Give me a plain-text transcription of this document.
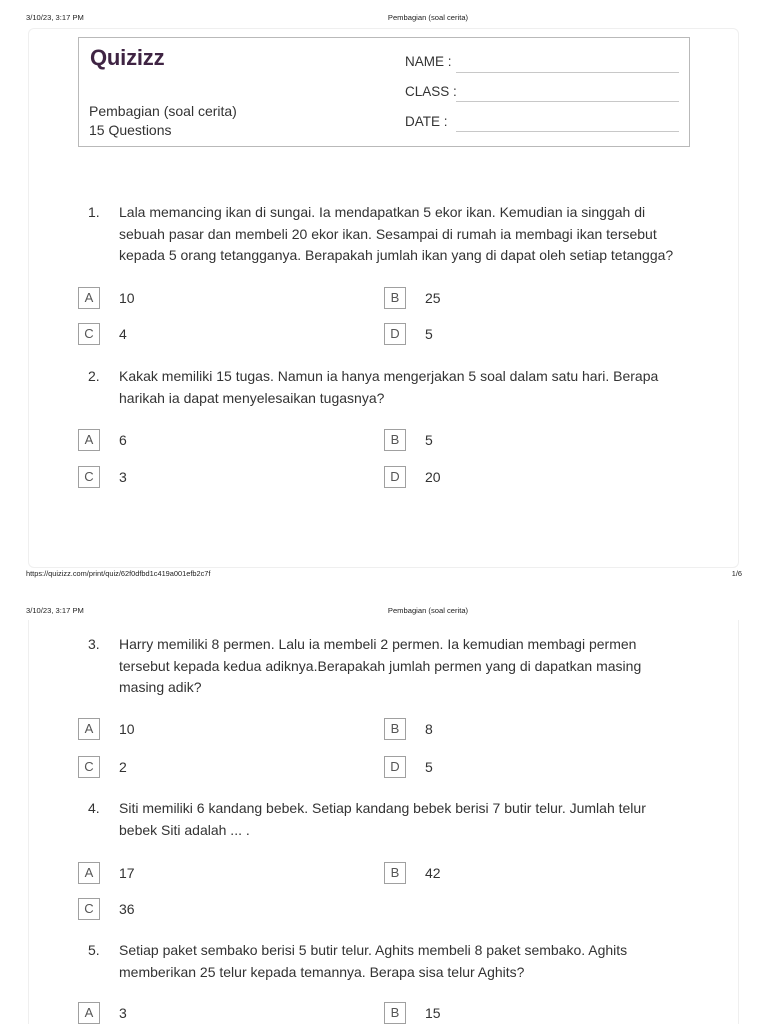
3/10/23, 3:17 PM	Pembagian (soal cerita)
Quizizz
Pembagian (soal cerita)
15 Questions
NAME :
CLASS :
DATE :
1. Lala memancing ikan di sungai. Ia mendapatkan 5 ekor ikan. Kemudian ia singgah di
sebuah pasar dan membeli 20 ekor ikan. Sesampai di rumah ia membagi ikan tersebut
kepada 5 orang tetangganya. Berapakah jumlah ikan yang di dapat oleh setiap tetangga?
A	10	B	25
C	4	D	5
2. Kakak memiliki 15 tugas. Namun ia hanya mengerjakan 5 soal dalam satu hari. Berapa
harikah ia dapat menyelesaikan tugasnya?
A	6	B	5
C	3	D	20
https://quizizz.com/print/quiz/62f0dfbd1c419a001efb2c7f	1/6
3/10/23, 3:17 PM	Pembagian (soal cerita)
3. Harry memiliki 8 permen. Lalu ia membeli 2 permen. Ia kemudian membagi permen
tersebut kepada kedua adiknya.Berapakah jumlah permen yang di dapatkan masing
masing adik?
A	10	B	8
C	2	D	5
4. Siti memiliki 6 kandang bebek. Setiap kandang bebek berisi 7 butir telur. Jumlah telur
bebek Siti adalah ... .
A	17	B	42
C	36
5. Setiap paket sembako berisi 5 butir telur. Aghits membeli 8 paket sembako. Aghits
memberikan 25 telur kepada temannya. Berapa sisa telur Aghits?
A	3	B	15
